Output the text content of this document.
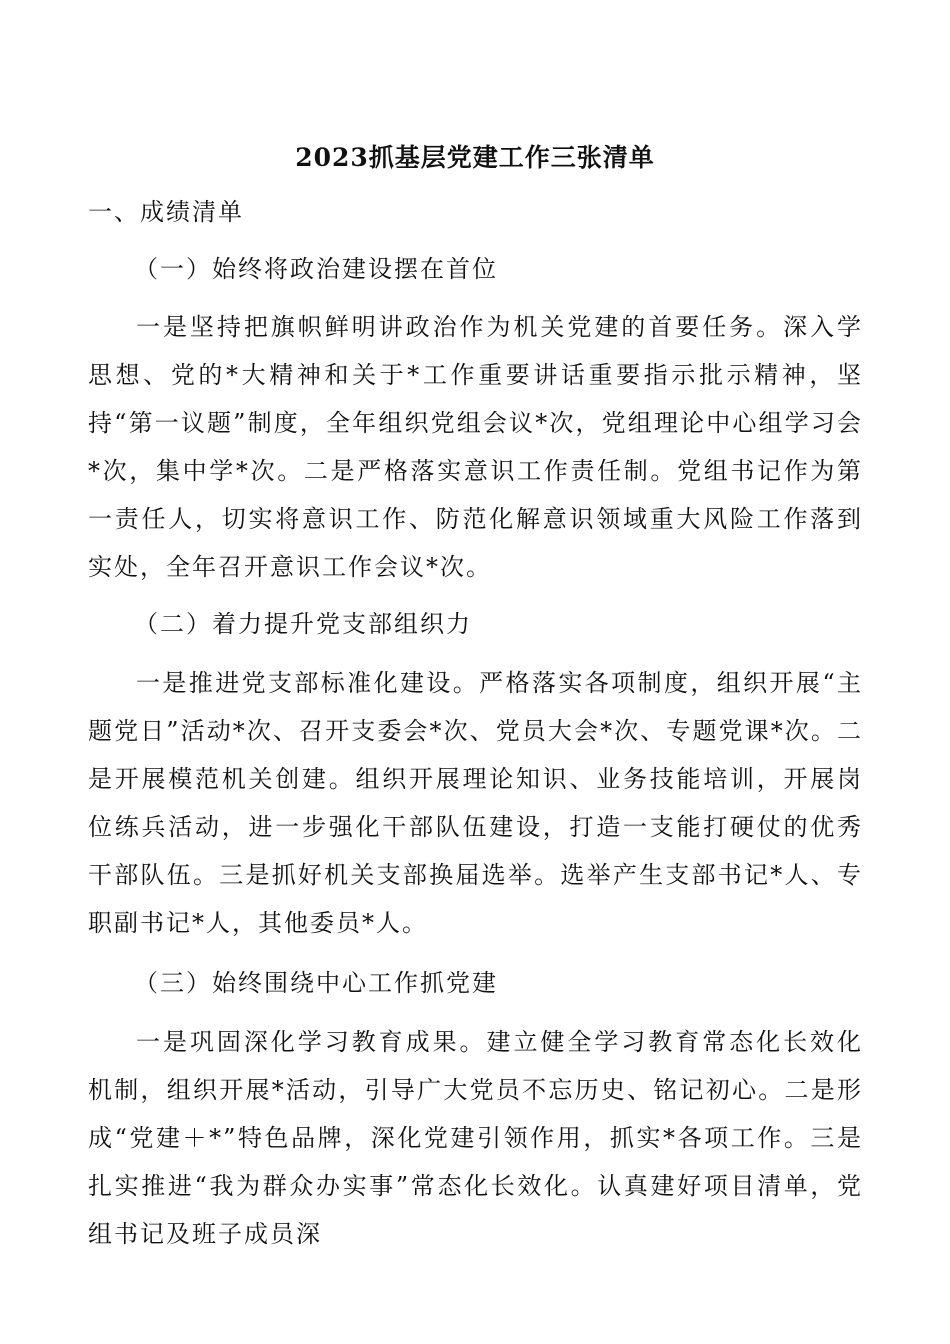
2023抓基层党建工作三张清单
一、成绩清单
（一）始终将政治建设摆在首位
一是坚持把旗帜鲜明讲政治作为机关党建的首要任务。深入学思想、党的*大精神和关于*工作重要讲话重要指示批示精神，坚持“第一议题”制度，全年组织党组会议*次，党组理论中心组学习会*次，集中学*次。二是严格落实意识工作责任制。党组书记作为第一责任人，切实将意识工作、防范化解意识领域重大风险工作落到实处，全年召开意识工作会议*次。
（二）着力提升党支部组织力
一是推进党支部标准化建设。严格落实各项制度，组织开展“主题党日”活动*次、召开支委会*次、党员大会*次、专题党课*次。二是开展模范机关创建。组织开展理论知识、业务技能培训，开展岗位练兵活动，进一步强化干部队伍建设，打造一支能打硬仗的优秀干部队伍。三是抓好机关支部换届选举。选举产生支部书记*人、专职副书记*人，其他委员*人。
（三）始终围绕中心工作抓党建
一是巩固深化学习教育成果。建立健全学习教育常态化长效化机制，组织开展*活动，引导广大党员不忘历史、铭记初心。二是形成“党建＋*”特色品牌，深化党建引领作用，抓实*各项工作。三是扎实推进“我为群众办实事”常态化长效化。认真建好项目清单，党组书记及班子成员深
